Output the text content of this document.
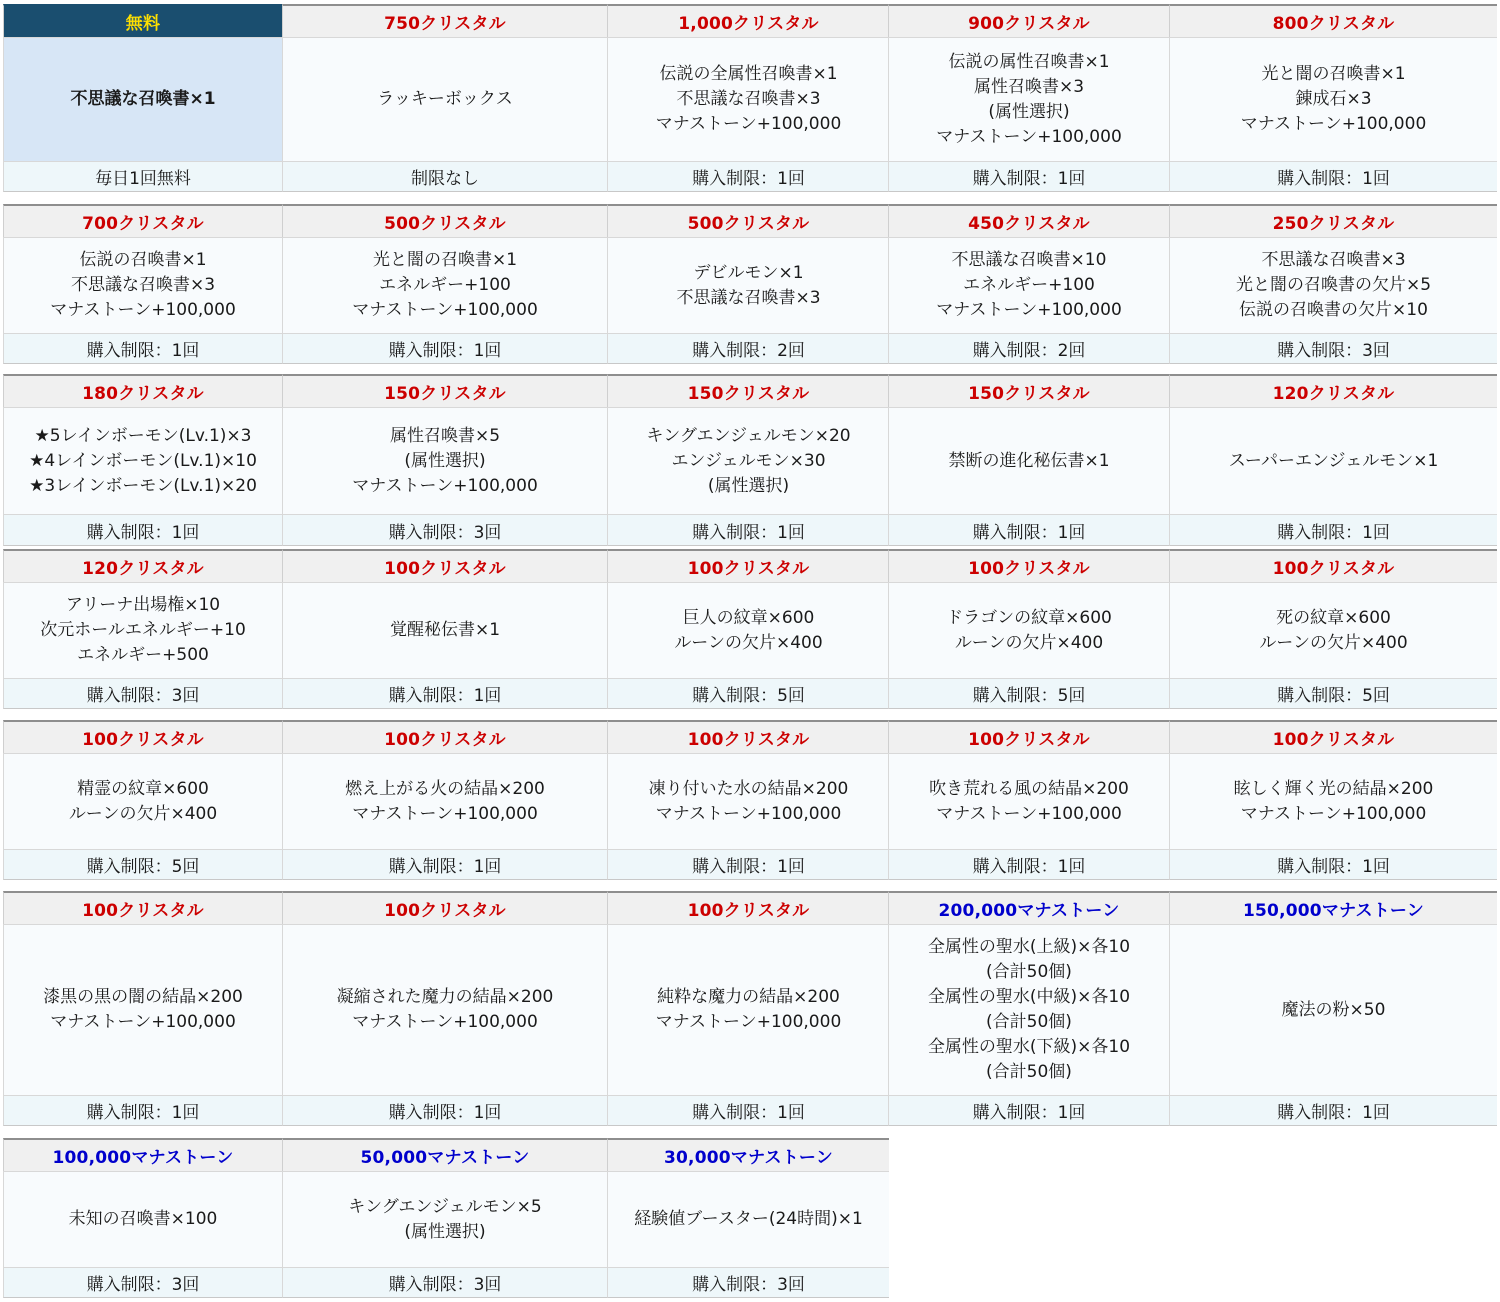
無料
不思議な召喚書×1
毎日1回無料
750クリスタル
ラッキーボックス
制限なし
1,000クリスタル
伝説の全属性召喚書×1
不思議な召喚書×3
マナストーン+100,000
購入制限：1回
900クリスタル
伝説の属性召喚書×1
属性召喚書×3
(属性選択)
マナストーン+100,000
購入制限：1回
800クリスタル
光と闇の召喚書×1
錬成石×3
マナストーン+100,000
購入制限：1回
700クリスタル
伝説の召喚書×1
不思議な召喚書×3
マナストーン+100,000
購入制限：1回
500クリスタル
光と闇の召喚書×1
エネルギー+100
マナストーン+100,000
購入制限：1回
500クリスタル
デビルモン×1
不思議な召喚書×3
購入制限：2回
450クリスタル
不思議な召喚書×10
エネルギー+100
マナストーン+100,000
購入制限：2回
250クリスタル
不思議な召喚書×3
光と闇の召喚書の欠片×5
伝説の召喚書の欠片×10
購入制限：3回
180クリスタル
★5レインボーモン(Lv.1)×3
★4レインボーモン(Lv.1)×10
★3レインボーモン(Lv.1)×20
購入制限：1回
150クリスタル
属性召喚書×5
(属性選択)
マナストーン+100,000
購入制限：3回
150クリスタル
キングエンジェルモン×20
エンジェルモン×30
(属性選択)
購入制限：1回
150クリスタル
禁断の進化秘伝書×1
購入制限：1回
120クリスタル
スーパーエンジェルモン×1
購入制限：1回
120クリスタル
アリーナ出場権×10
次元ホールエネルギー+10
エネルギー+500
購入制限：3回
100クリスタル
覚醒秘伝書×1
購入制限：1回
100クリスタル
巨人の紋章×600
ルーンの欠片×400
購入制限：5回
100クリスタル
ドラゴンの紋章×600
ルーンの欠片×400
購入制限：5回
100クリスタル
死の紋章×600
ルーンの欠片×400
購入制限：5回
100クリスタル
精霊の紋章×600
ルーンの欠片×400
購入制限：5回
100クリスタル
燃え上がる火の結晶×200
マナストーン+100,000
購入制限：1回
100クリスタル
凍り付いた水の結晶×200
マナストーン+100,000
購入制限：1回
100クリスタル
吹き荒れる風の結晶×200
マナストーン+100,000
購入制限：1回
100クリスタル
眩しく輝く光の結晶×200
マナストーン+100,000
購入制限：1回
100クリスタル
漆黒の黒の闇の結晶×200
マナストーン+100,000
購入制限：1回
100クリスタル
凝縮された魔力の結晶×200
マナストーン+100,000
購入制限：1回
100クリスタル
純粋な魔力の結晶×200
マナストーン+100,000
購入制限：1回
200,000マナストーン
全属性の聖水(上級)×各10
(合計50個)
全属性の聖水(中級)×各10
(合計50個)
全属性の聖水(下級)×各10
(合計50個)
購入制限：1回
150,000マナストーン
魔法の粉×50
購入制限：1回
100,000マナストーン
未知の召喚書×100
購入制限：3回
50,000マナストーン
キングエンジェルモン×5
(属性選択)
購入制限：3回
30,000マナストーン
経験値ブースター(24時間)×1
購入制限：3回
